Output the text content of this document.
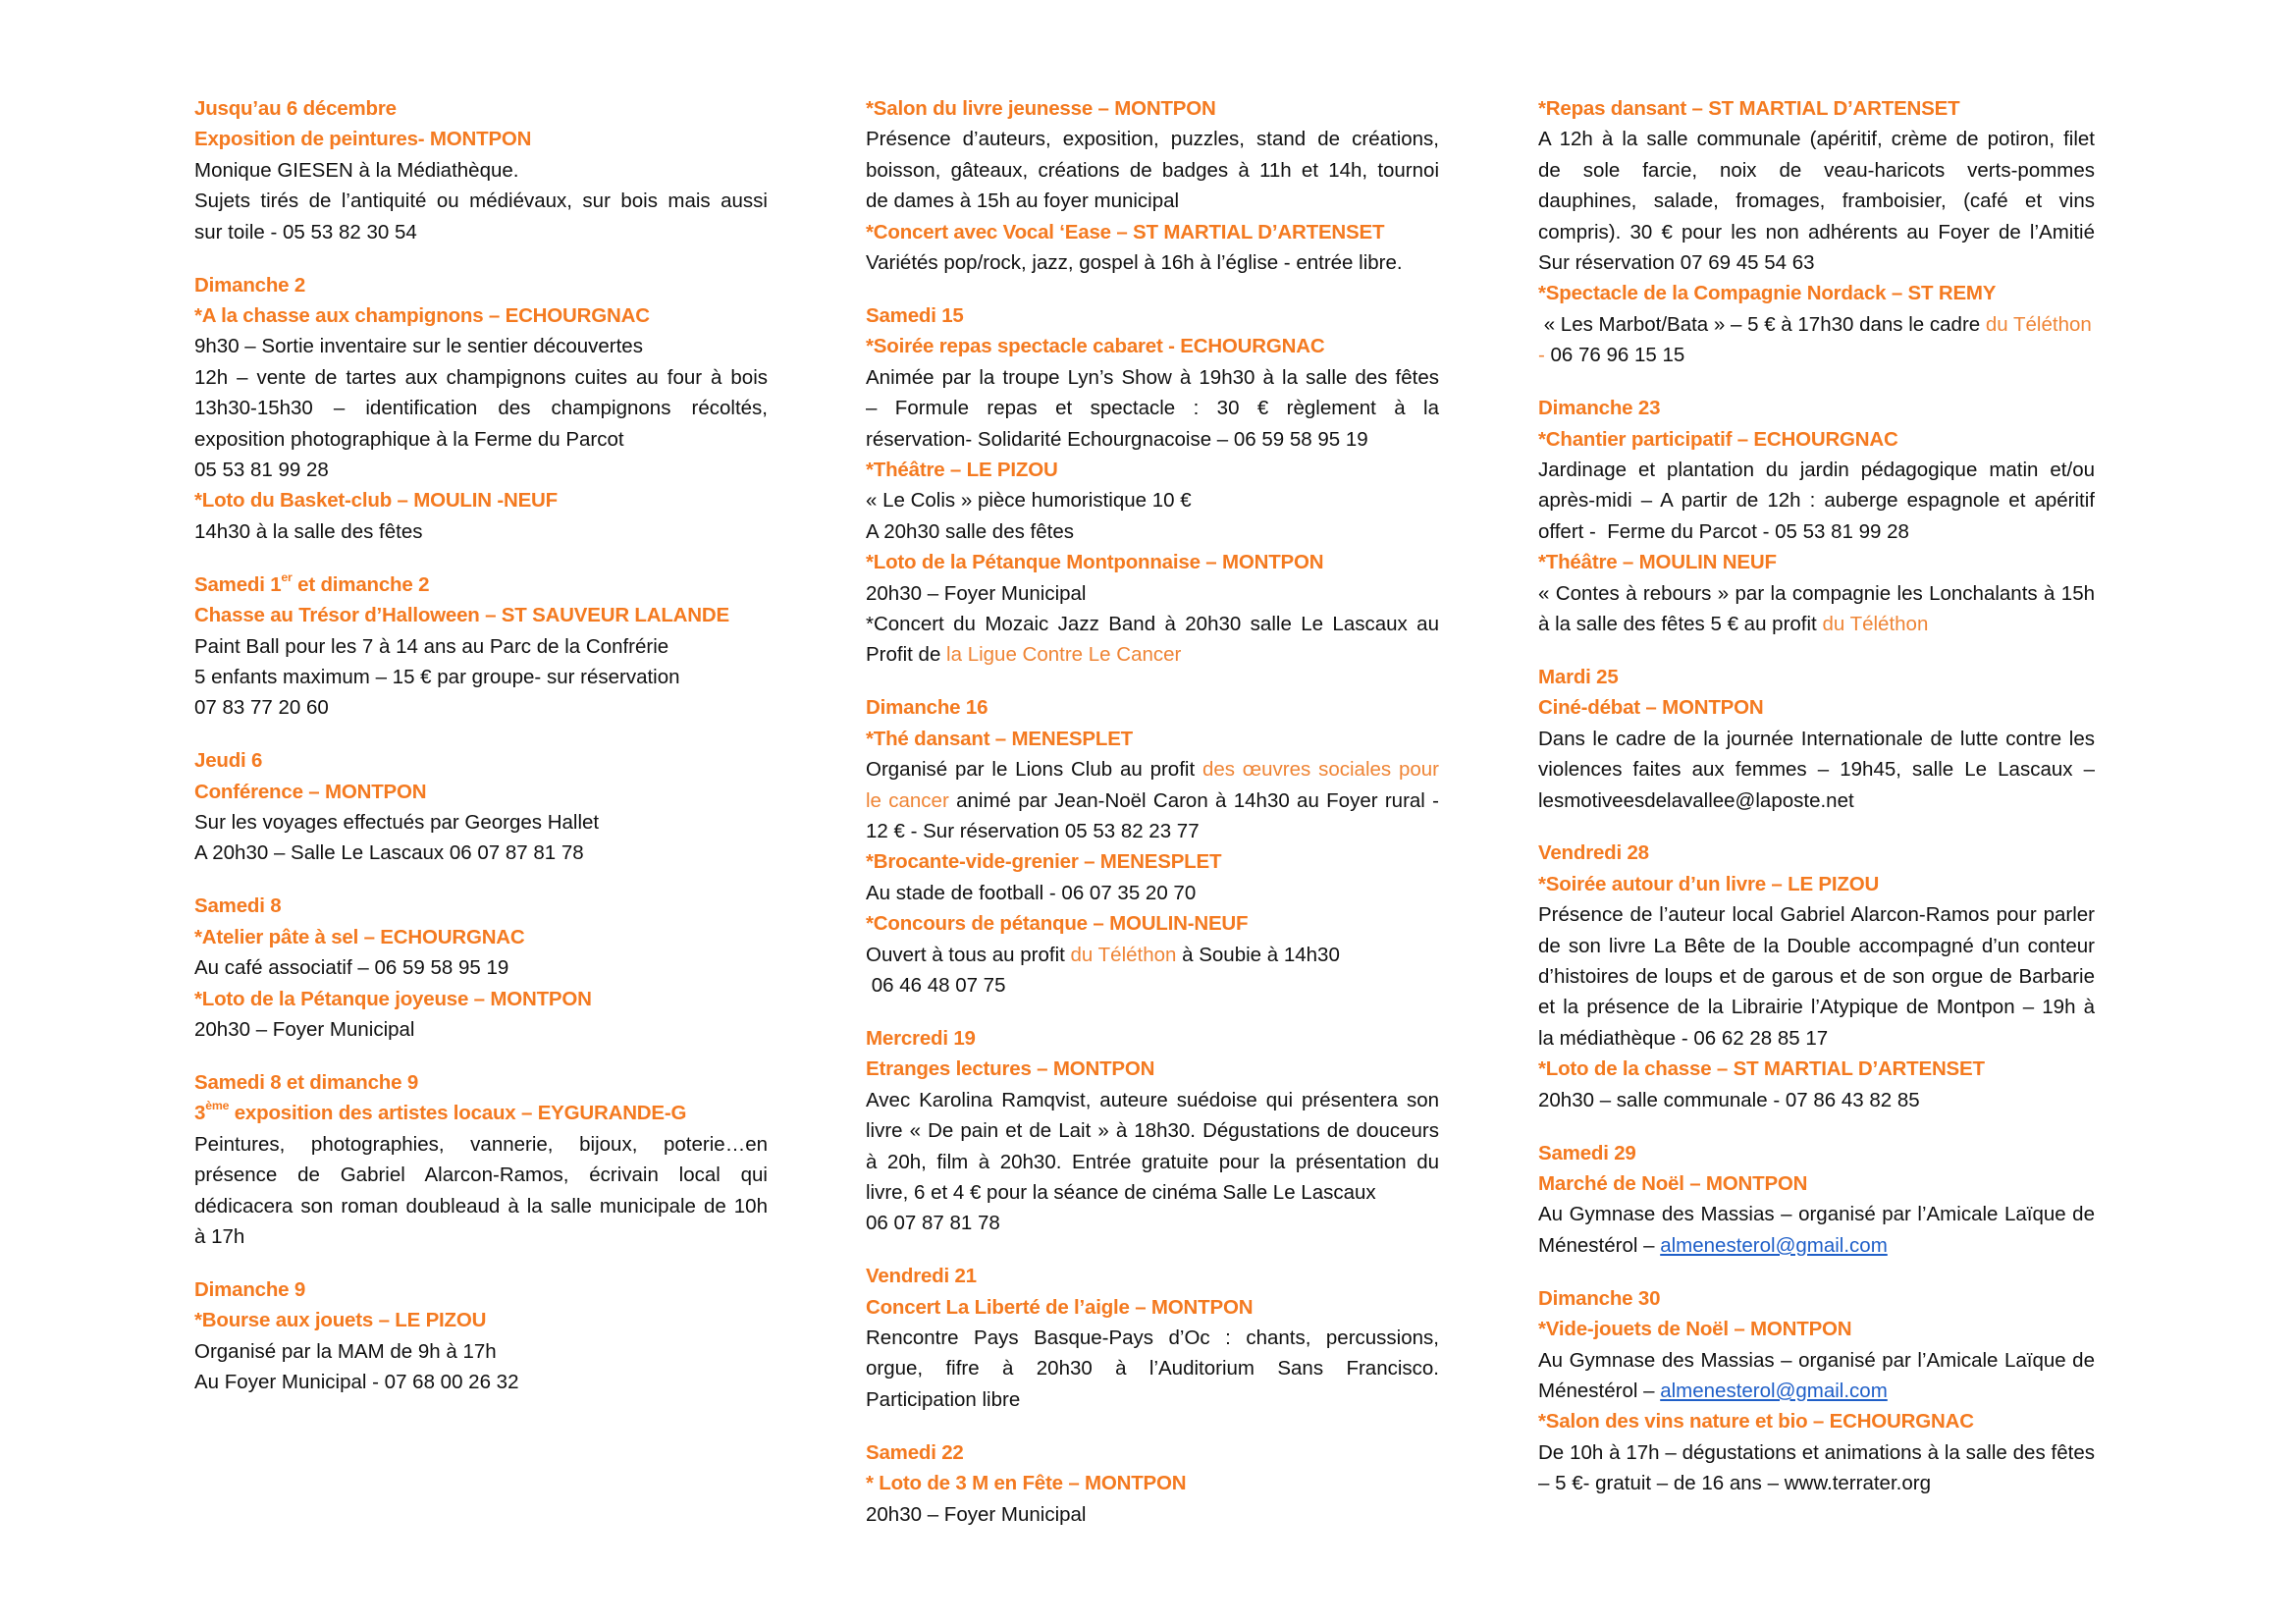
Jusqu’au 6 décembre
Exposition de peintures- MONTPON
Monique GIESEN à la Médiathèque.
Sujets tirés de l’antiquité ou médiévaux, sur bois mais aussi
sur toile - 05 53 82 30 54
Dimanche 2
*A la chasse aux champignons – ECHOURGNAC
9h30 – Sortie inventaire sur le sentier découvertes
12h – vente de tartes aux champignons cuites au four à bois
13h30-15h30 – identification des champignons récoltés,
exposition photographique à la Ferme du Parcot
05 53 81 99 28
*Loto du Basket-club – MOULIN -NEUF
14h30 à la salle des fêtes
Samedi 1er et dimanche 2
Chasse au Trésor d’Halloween – ST SAUVEUR LALANDE
Paint Ball pour les 7 à 14 ans au Parc de la Confrérie
5 enfants maximum – 15 € par groupe- sur réservation
07 83 77 20 60
Jeudi 6
Conférence – MONTPON
Sur les voyages effectués par Georges Hallet
A 20h30 – Salle Le Lascaux 06 07 87 81 78
Samedi 8
*Atelier pâte à sel – ECHOURGNAC
Au café associatif – 06 59 58 95 19
*Loto de la Pétanque joyeuse – MONTPON
20h30 – Foyer Municipal
Samedi 8 et dimanche 9
3ème exposition des artistes locaux – EYGURANDE-G
Peintures, photographies, vannerie, bijoux, poterie…en
présence de Gabriel Alarcon-Ramos, écrivain local qui
dédicacera son roman doubleaud à la salle municipale de 10h
à 17h
Dimanche 9
*Bourse aux jouets – LE PIZOU
Organisé par la MAM de 9h à 17h
Au Foyer Municipal - 07 68 00 26 32
*Salon du livre jeunesse – MONTPON
Présence d’auteurs, exposition, puzzles, stand de créations,
boisson, gâteaux, créations de badges à 11h et 14h, tournoi
de dames à 15h au foyer municipal
*Concert avec Vocal ‘Ease – ST MARTIAL D’ARTENSET
Variétés pop/rock, jazz, gospel à 16h à l’église - entrée libre.
Samedi 15
*Soirée repas spectacle cabaret - ECHOURGNAC
Animée par la troupe Lyn’s Show à 19h30 à la salle des fêtes
– Formule repas et spectacle : 30 € règlement à la
réservation- Solidarité Echourgnacoise – 06 59 58 95 19
*Théâtre – LE PIZOU
« Le Colis » pièce humoristique 10 €
A 20h30 salle des fêtes
*Loto de la Pétanque Montponnaise – MONTPON
20h30 – Foyer Municipal
*Concert du Mozaic Jazz Band à 20h30 salle Le Lascaux au
Profit de la Ligue Contre Le Cancer
Dimanche 16
*Thé dansant – MENESPLET
Organisé par le Lions Club au profit des œuvres sociales pour
le cancer animé par Jean-Noël Caron à 14h30 au Foyer rural -
12 € - Sur réservation 05 53 82 23 77
*Brocante-vide-grenier – MENESPLET
Au stade de football - 06 07 35 20 70
*Concours de pétanque – MOULIN-NEUF
Ouvert à tous au profit du Téléthon à Soubie à 14h30
06 46 48 07 75
Mercredi 19
Etranges lectures – MONTPON
Avec Karolina Ramqvist, auteure suédoise qui présentera son
livre « De pain et de Lait » à 18h30. Dégustations de douceurs
à 20h, film à 20h30. Entrée gratuite pour la présentation du
livre, 6 et 4 € pour la séance de cinéma Salle Le Lascaux
06 07 87 81 78
Vendredi 21
Concert La Liberté de l’aigle – MONTPON
Rencontre Pays Basque-Pays d’Oc : chants, percussions,
orgue, fifre à 20h30 à l’Auditorium Sans Francisco.
Participation libre
Samedi 22
* Loto de 3 M en Fête – MONTPON
20h30 – Foyer Municipal
*Repas dansant – ST MARTIAL D’ARTENSET
A 12h à la salle communale (apéritif, crème de potiron, filet
de sole farcie, noix de veau-haricots verts-pommes
dauphines, salade, fromages, framboisier, (café et vins
compris). 30 € pour les non adhérents au Foyer de l’Amitié
Sur réservation 07 69 45 54 63
*Spectacle de la Compagnie Nordack – ST REMY
« Les Marbot/Bata » – 5 € à 17h30 dans le cadre du Téléthon
- 06 76 96 15 15
Dimanche 23
*Chantier participatif – ECHOURGNAC
Jardinage et plantation du jardin pédagogique matin et/ou
après-midi – A partir de 12h : auberge espagnole et apéritif
offert -  Ferme du Parcot - 05 53 81 99 28
*Théâtre – MOULIN NEUF
« Contes à rebours » par la compagnie les Lonchalants à 15h
à la salle des fêtes 5 € au profit du Téléthon
Mardi 25
Ciné-débat – MONTPON
Dans le cadre de la journée Internationale de lutte contre les
violences faites aux femmes – 19h45, salle Le Lascaux –
lesmotiveesdelavallee@laposte.net
Vendredi 28
*Soirée autour d’un livre – LE PIZOU
Présence de l’auteur local Gabriel Alarcon-Ramos pour parler
de son livre La Bête de la Double accompagné d’un conteur
d’histoires de loups et de garous et de son orgue de Barbarie
et la présence de la Librairie l’Atypique de Montpon – 19h à
la médiathèque - 06 62 28 85 17
*Loto de la chasse – ST MARTIAL D’ARTENSET
20h30 – salle communale - 07 86 43 82 85
Samedi 29
Marché de Noël – MONTPON
Au Gymnase des Massias – organisé par l’Amicale Laïque de
Ménestérol – almenesterol@gmail.com
Dimanche 30
*Vide-jouets de Noël – MONTPON
Au Gymnase des Massias – organisé par l’Amicale Laïque de
Ménestérol – almenesterol@gmail.com
*Salon des vins nature et bio – ECHOURGNAC
De 10h à 17h – dégustations et animations à la salle des fêtes
– 5 €- gratuit – de 16 ans – www.terrater.org
